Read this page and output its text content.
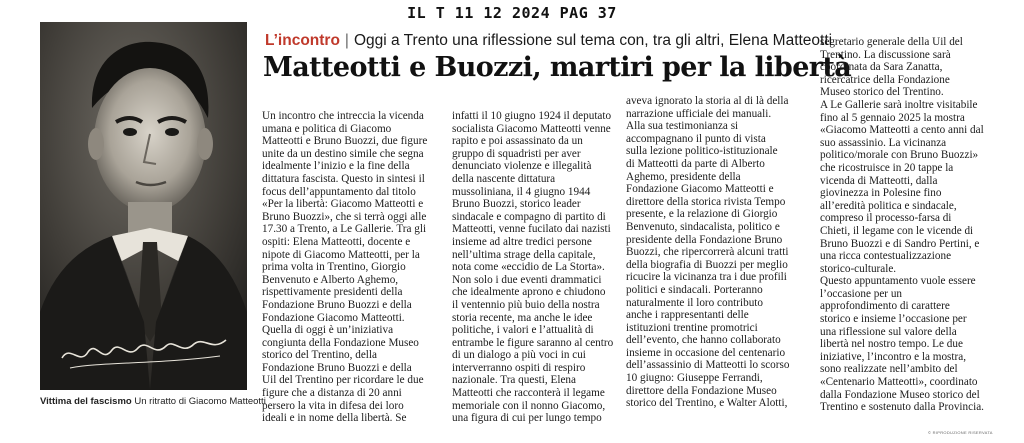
IL T 11 12 2024 PAG 37
Vittima del fascismo Un ritratto di Giacomo Matteotti
L’incontro | Oggi a Trento una riflessione sul tema con, tra gli altri, Elena Matteotti
Matteotti e Buozzi, martiri per la libertà
Un incontro che intreccia la vicenda
umana e politica di Giacomo
Matteotti e Bruno Buozzi, due figure
unite da un destino simile che segna
idealmente l’inizio e la fine della
dittatura fascista. Questo in sintesi il
focus dell’appuntamento dal titolo
«Per la libertà: Giacomo Matteotti e
Bruno Buozzi», che si terrà oggi alle
17.30 a Trento, a Le Gallerie. Tra gli
ospiti: Elena Matteotti, docente e
nipote di Giacomo Matteotti, per la
prima volta in Trentino, Giorgio
Benvenuto e Alberto Aghemo,
rispettivamente presidenti della
Fondazione Bruno Buozzi e della
Fondazione Giacomo Matteotti.
Quella di oggi è un’iniziativa
congiunta della Fondazione Museo
storico del Trentino, della
Fondazione Bruno Buozzi e della
Uil del Trentino per ricordare le due
figure che a distanza di 20 anni
persero la vita in difesa dei loro
ideali e in nome della libertà. Se
infatti il 10 giugno 1924 il deputato
socialista Giacomo Matteotti venne
rapito e poi assassinato da un
gruppo di squadristi per aver
denunciato violenze e illegalità
della nascente dittatura
mussoliniana, il 4 giugno 1944
Bruno Buozzi, storico leader
sindacale e compagno di partito di
Matteotti, venne fucilato dai nazisti
insieme ad altre tredici persone
nell’ultima strage della capitale,
nota come «eccidio de La Storta».
Non solo i due eventi drammatici
che idealmente aprono e chiudono
il ventennio più buio della nostra
storia recente, ma anche le idee
politiche, i valori e l’attualità di
entrambe le figure saranno al centro
di un dialogo a più voci in cui
interverranno ospiti di respiro
nazionale. Tra questi, Elena
Matteotti che racconterà il legame
memoriale con il nonno Giacomo,
una figura di cui per lungo tempo
aveva ignorato la storia al di là della
narrazione ufficiale dei manuali.
Alla sua testimonianza si
accompagnano il punto di vista
sulla lezione politico-istituzionale
di Matteotti da parte di Alberto
Aghemo, presidente della
Fondazione Giacomo Matteotti e
direttore della storica rivista Tempo
presente, e la relazione di Giorgio
Benvenuto, sindacalista, politico e
presidente della Fondazione Bruno
Buozzi, che ripercorrerà alcuni tratti
della biografia di Buozzi per meglio
ricucire la vicinanza tra i due profili
politici e sindacali. Porteranno
naturalmente il loro contributo
anche i rappresentanti delle
istituzioni trentine promotrici
dell’evento, che hanno collaborato
insieme in occasione del centenario
dell’assassinio di Matteotti lo scorso
10 giugno: Giuseppe Ferrandi,
direttore della Fondazione Museo
storico del Trentino, e Walter Alotti,
segretario generale della Uil del
Trentino. La discussione sarà
coordinata da Sara Zanatta,
ricercatrice della Fondazione
Museo storico del Trentino.
A Le Gallerie sarà inoltre visitabile
fino al 5 gennaio 2025 la mostra
«Giacomo Matteotti a cento anni dal
suo assassinio. La vicinanza
politico/morale con Bruno Buozzi»
che ricostruisce in 20 tappe la
vicenda di Matteotti, dalla
giovinezza in Polesine fino
all’eredità politica e sindacale,
compreso il processo-farsa di
Chieti, il legame con le vicende di
Bruno Buozzi e di Sandro Pertini, e
una ricca contestualizzazione
storico-culturale.
Questo appuntamento vuole essere
l’occasione per un
approfondimento di carattere
storico e insieme l’occasione per
una riflessione sul valore della
libertà nel nostro tempo. Le due
iniziative, l’incontro e la mostra,
sono realizzate nell’ambito del
«Centenario Matteotti», coordinato
dalla Fondazione Museo storico del
Trentino e sostenuto dalla Provincia.
© RIPRODUZIONE RISERVATA
